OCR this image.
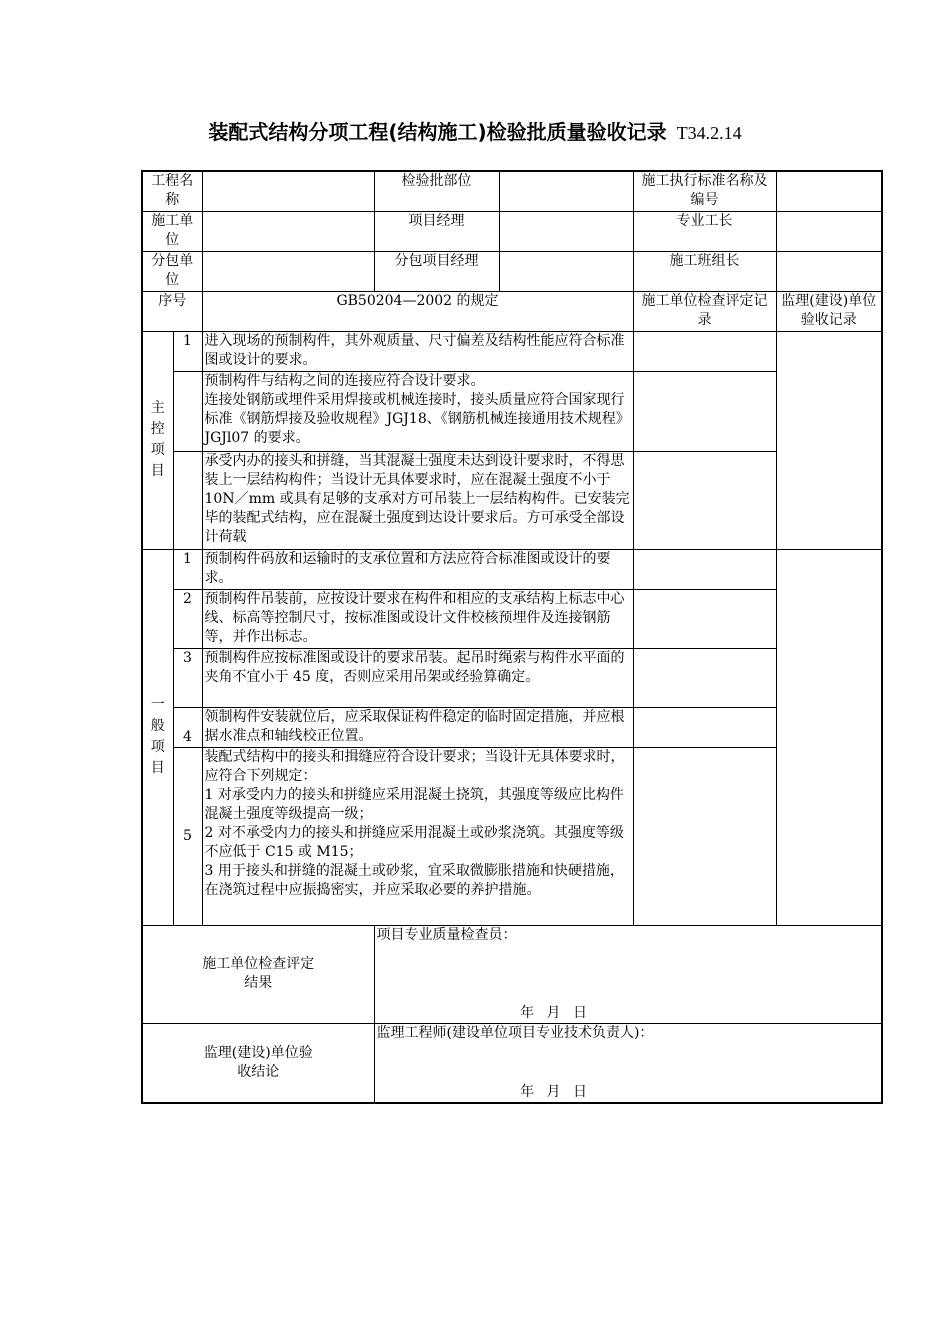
装配式结构分项工程(结构施工)检验批质量验收记录 T34.2.14
工程名称			检验批部位		施工执行标准名称及编号	
施工单位			项目经理		专业工长	
分包单位			分包项目经理		施工班组长	
序号		GB50204—2002 的规定			施工单位检查评定记录	监理(建设)单位验收记录

主控项目	1	进入现场的预制构件，其外观质量、尺寸偏差及结构性能应符合标准图或设计的要求。				
		预制构件与结构之间的连接应符合设计要求。
连接处钢筋或埋件采用焊接或机械连接时，接头质量应符合国家现行标准《钢筋焊接及验收规程》JGJ18、《钢筋机械连接通用技术规程》JGJl07 的要求。				
		承受内办的接头和拼缝，当其混凝土强度未达到设计要求时，不得思装上一层结构构件；当设计无具体要求时，应在混凝土强度不小于 10N／mm 或具有足够的支承对方可吊装上一层结构构件。已安装完毕的装配式结构，应在混凝土强度到达设计要求后。方可承受全部设计荷载				

一般项目	1	预制构件码放和运输时的支承位置和方法应符合标准图或设计的要求。				
	2	预制构件吊装前，应按设计要求在构件和相应的支承结构上标志中心线、标高等控制尺寸，按标准图或设计文件校核预埋件及连接钢筋等，并作出标志。				
	3	预制构件应按标准图或设计的要求吊装。起吊时绳索与构件水平面的夹角不宜小于 45 度，否则应采用吊架或经验算确定。				
	4	领制构件安装就位后，应采取保证构件稳定的临时固定措施，并应根据水准点和轴线校正位置。				
	5	装配式结构中的接头和揖缝应符合设计要求；当设计无具体要求时，应符合下列规定：
1 对承受内力的接头和拼缝应采用混凝土挠筑，其强度等级应比构件混凝土强度等级提高一级；
2 对不承受内力的接头和拼缝应采用混凝土或砂浆浇筑。其强度等级不应低于 C15 或 M15；
3 用于接头和拼缝的混凝土或砂浆，宜采取微膨胀措施和快硬措施，在浇筑过程中应振捣密实，并应采取必要的养护措施。				

施工单位检查评定结果			项目专业质量检查员：
年 月 日			

监理(建设)单位验收结论			监理工程师(建设单位项目专业技术负责人)：
年 月 日			
